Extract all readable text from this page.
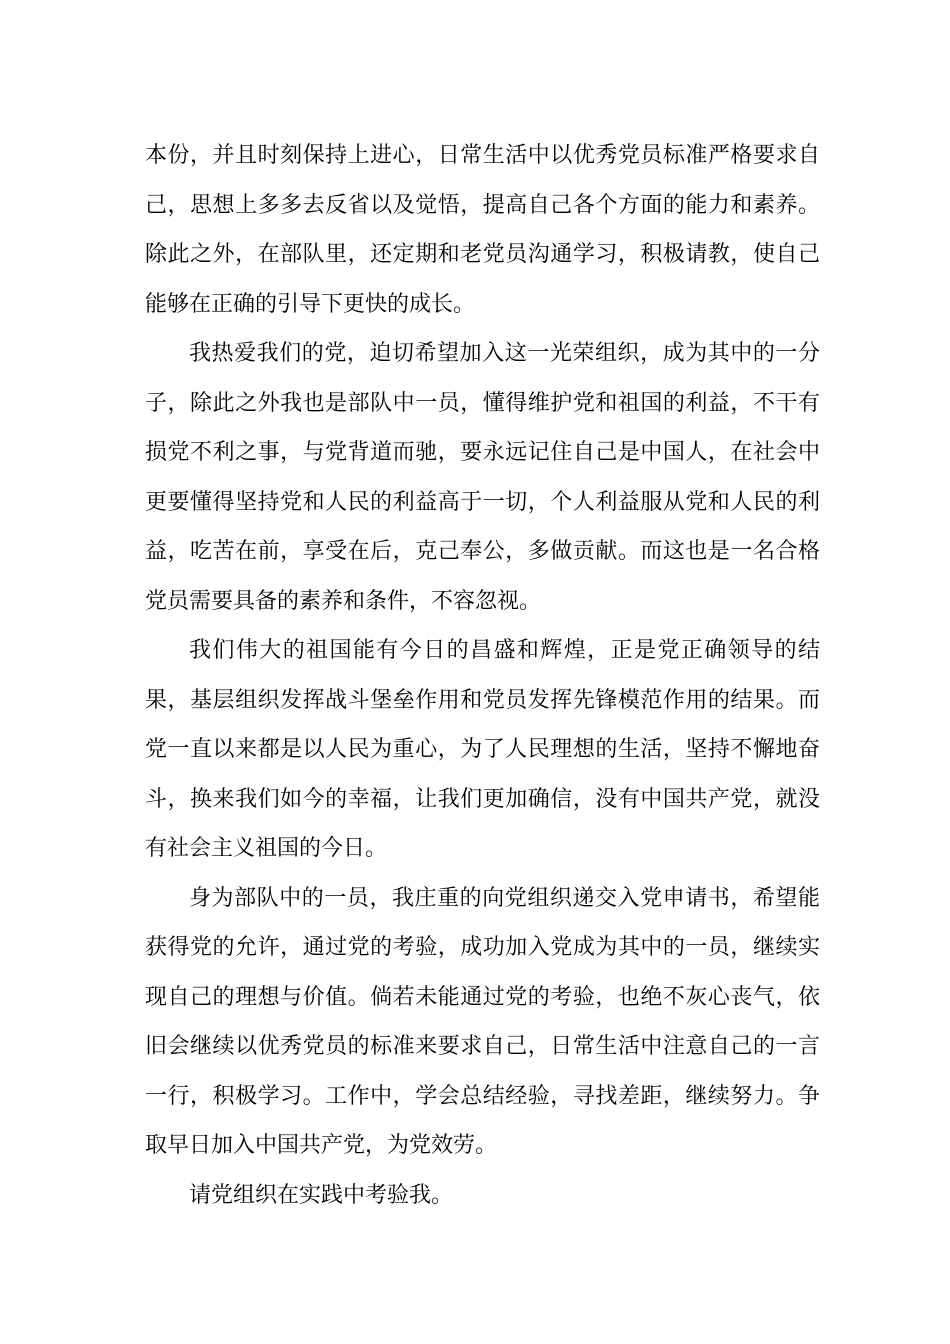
本份，并且时刻保持上进心，日常生活中以优秀党员标准严格要求自己，思想上多多去反省以及觉悟，提高自己各个方面的能力和素养。除此之外，在部队里，还定期和老党员沟通学习，积极请教，使自己能够在正确的引导下更快的成长。

我热爱我们的党，迫切希望加入这一光荣组织，成为其中的一分子，除此之外我也是部队中一员，懂得维护党和祖国的利益，不干有损党不利之事，与党背道而驰，要永远记住自己是中国人，在社会中更要懂得坚持党和人民的利益高于一切，个人利益服从党和人民的利益，吃苦在前，享受在后，克己奉公，多做贡献。而这也是一名合格党员需要具备的素养和条件，不容忽视。

我们伟大的祖国能有今日的昌盛和辉煌，正是党正确领导的结果，基层组织发挥战斗堡垒作用和党员发挥先锋模范作用的结果。而党一直以来都是以人民为重心，为了人民理想的生活，坚持不懈地奋斗，换来我们如今的幸福，让我们更加确信，没有中国共产党，就没有社会主义祖国的今日。

身为部队中的一员，我庄重的向党组织递交入党申请书，希望能获得党的允许，通过党的考验，成功加入党成为其中的一员，继续实现自己的理想与价值。倘若未能通过党的考验，也绝不灰心丧气，依旧会继续以优秀党员的标准来要求自己，日常生活中注意自己的一言一行，积极学习。工作中，学会总结经验，寻找差距，继续努力。争取早日加入中国共产党，为党效劳。

请党组织在实践中考验我。
